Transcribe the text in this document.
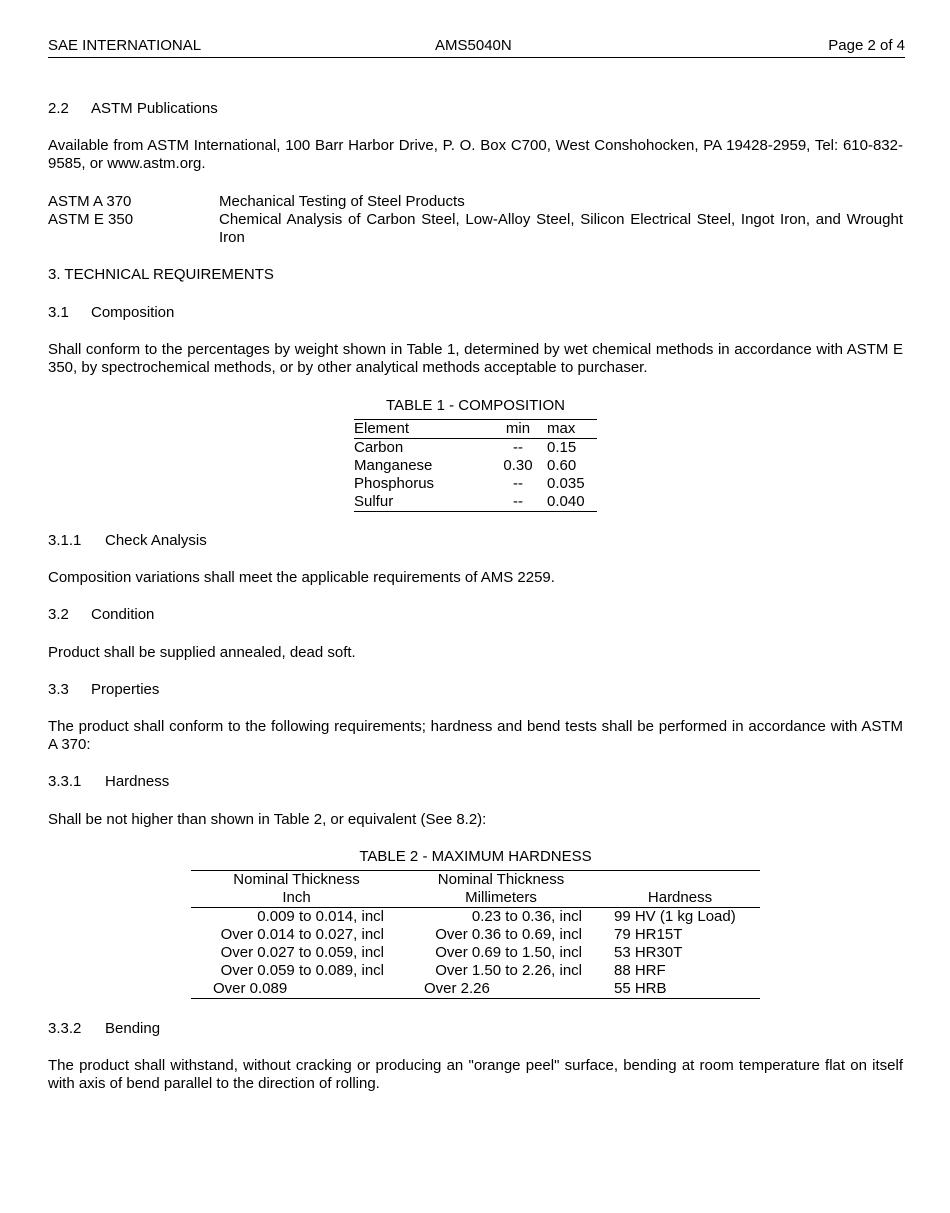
SAE INTERNATIONAL	AMS5040N	Page 2 of 4
2.2 ASTM Publications
Available from ASTM International, 100 Barr Harbor Drive, P. O. Box C700, West Conshohocken, PA 19428-2959, Tel: 610-832-9585, or www.astm.org.
ASTM A 370	Mechanical Testing of Steel Products
ASTM E 350	Chemical Analysis of Carbon Steel, Low-Alloy Steel, Silicon Electrical Steel, Ingot Iron, and Wrought Iron
3. TECHNICAL REQUIREMENTS
3.1 Composition
Shall conform to the percentages by weight shown in Table 1, determined by wet chemical methods in accordance with ASTM E 350, by spectrochemical methods, or by other analytical methods acceptable to purchaser.
TABLE 1 - COMPOSITION
Element	min	max
Carbon	--	0.15
Manganese	0.30	0.60
Phosphorus	--	0.035
Sulfur	--	0.040
3.1.1 Check Analysis
Composition variations shall meet the applicable requirements of AMS 2259.
3.2 Condition
Product shall be supplied annealed, dead soft.
3.3 Properties
The product shall conform to the following requirements; hardness and bend tests shall be performed in accordance with ASTM A 370:
3.3.1 Hardness
Shall be not higher than shown in Table 2, or equivalent (See 8.2):
TABLE 2 - MAXIMUM HARDNESS
Nominal Thickness	Nominal Thickness	
Inch	Millimeters	Hardness
0.009 to 0.014, incl	0.23 to 0.36, incl	99 HV (1 kg Load)
Over 0.014 to 0.027, incl	Over 0.36 to 0.69, incl	79 HR15T
Over 0.027 to 0.059, incl	Over 0.69 to 1.50, incl	53 HR30T
Over 0.059 to 0.089, incl	Over 1.50 to 2.26, incl	88 HRF
Over 0.089	Over 2.26	55 HRB
3.3.2 Bending
The product shall withstand, without cracking or producing an "orange peel" surface, bending at room temperature flat on itself with axis of bend parallel to the direction of rolling.
